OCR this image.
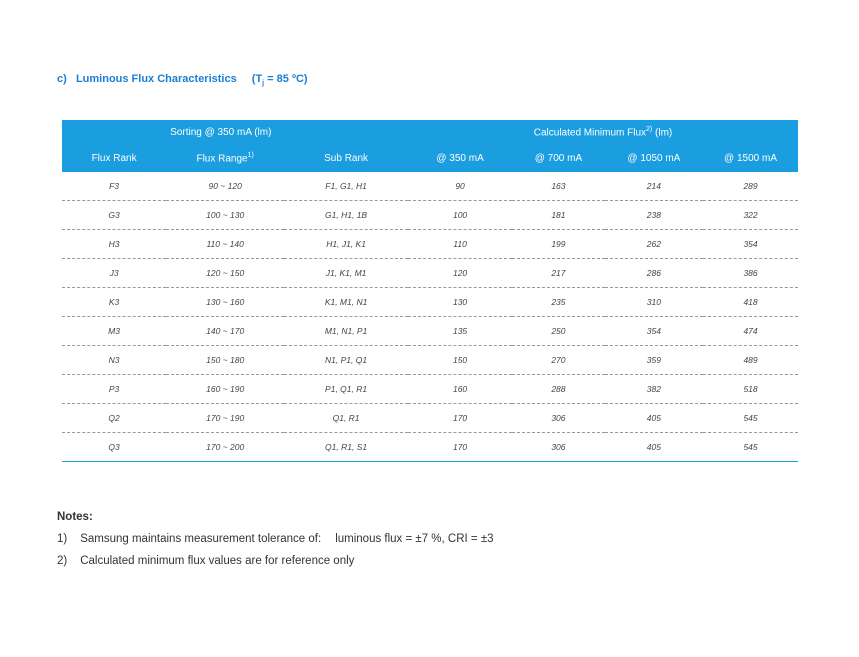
c) Luminous Flux Characteristics ($T_j = 85$ ºC)
	Sorting @ 350 mA (lm)		Calculated Minimum Flux$^{2)}$ (lm)			
Flux Rank	Flux Range$^{1)}$	Sub Rank	@ 350 mA	@ 700 mA	@ 1050 mA	@ 1500 mA
F3	90 ~ 120	F1, G1, H1	90	163	214	289
G3	100 ~ 130	G1, H1, 1B	100	181	238	322
H3	110 ~ 140	H1, J1, K1	110	199	262	354
J3	120 ~ 150	J1, K1, M1	120	217	286	386
K3	130 ~ 160	K1, M1, N1	130	235	310	418
M3	140 ~ 170	M1, N1, P1	135	250	354	474
N3	150 ~ 180	N1, P1, Q1	150	270	359	489
P3	160 ~ 190	P1, Q1, R1	160	288	382	518
Q2	170 ~ 190	Q1, R1	170	306	405	545
Q3	170 ~ 200	Q1, R1, S1	170	306	405	545
Notes:
1) Samsung maintains measurement tolerance of: luminous flux = ±7 %, CRI = ±3
2) Calculated minimum flux values are for reference only
